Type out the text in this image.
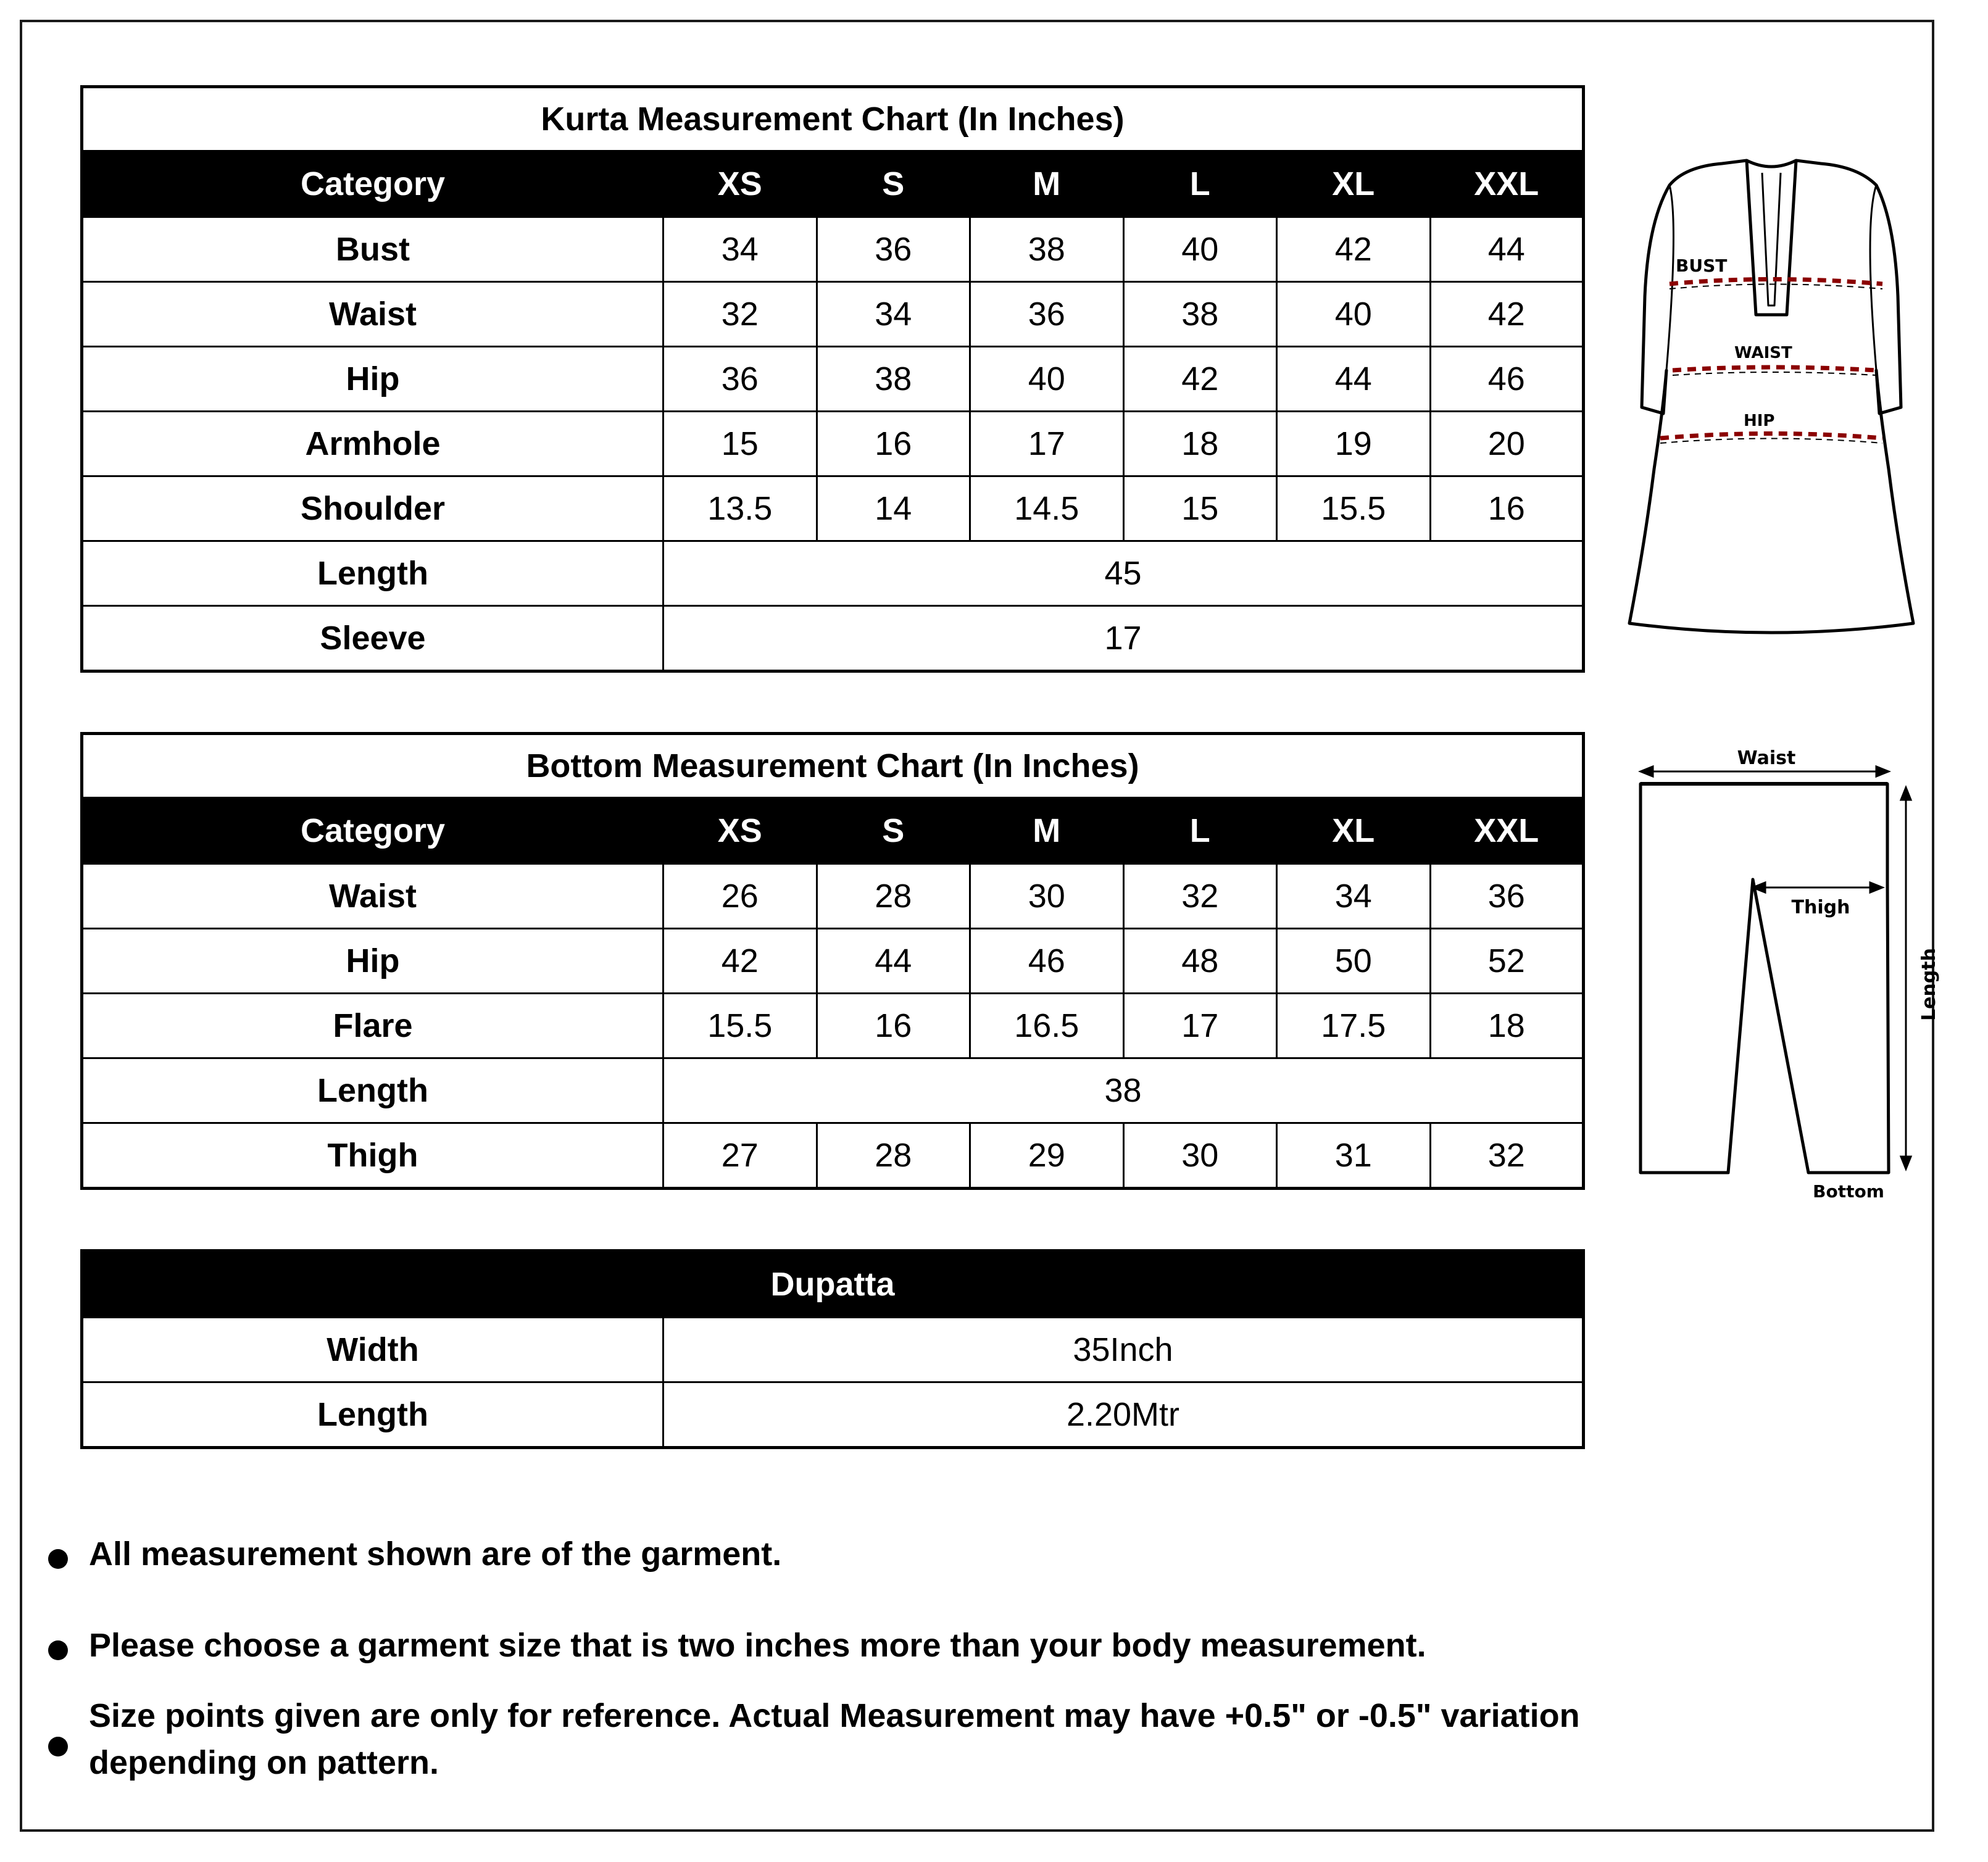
Kurta Measurement Chart (In Inches)						
Category	XS	S	M	L	XL	XXL
Bust	34	36	38	40	42	44
Waist	32	34	36	38	40	42
Hip	36	38	40	42	44	46
Armhole	15	16	17	18	19	20
Shoulder	13.5	14	14.5	15	15.5	16
Length	45					
Sleeve	17					
Bottom Measurement Chart (In Inches)						
Category	XS	S	M	L	XL	XXL
Waist	26	28	30	32	34	36
Hip	42	44	46	48	50	52
Flare	15.5	16	16.5	17	17.5	18
Length	38					
Thigh	27	28	29	30	31	32
Dupatta	
Width	35Inch
Length	2.20Mtr
BUST
WAIST
HIP
Waist
Thigh
Length
Bottom
All measurement shown are of the garment.
Please choose a garment size that is two inches more than your body measurement.
Size points given are only for reference. Actual Measurement may have +0.5" or -0.5" variation depending on pattern.
